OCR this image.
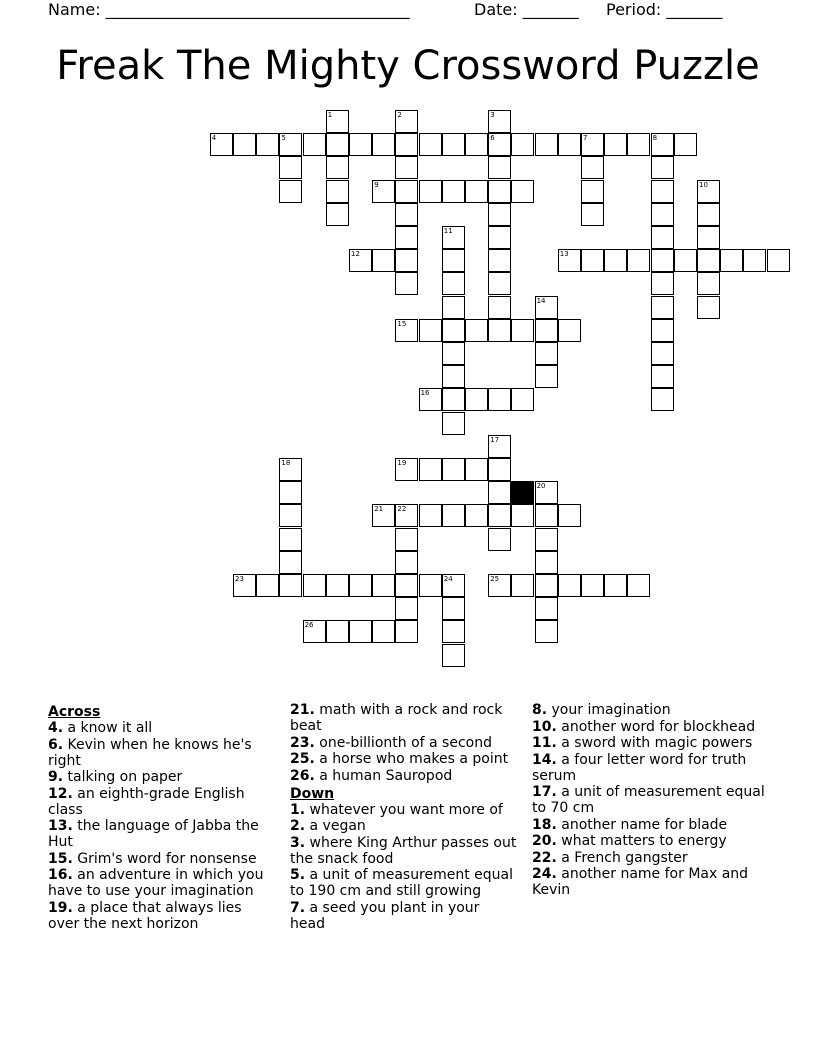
Name: ______________________________________	Date: _______ Period: _______
Freak The Mighty Crossword Puzzle
4	5	6	7	8
9
12	13
15
16
19
21 22
23	25
26
1	2	3
10
11
14
17
18
20
24
Across
4. a know it all
6. Kevin when he knows he's right
9. talking on paper
12. an eighth-grade English class
13. the language of Jabba the Hut
15. Grim's word for nonsense
16. an adventure in which you have to use your imagination
19. a place that always lies over the next horizon
21. math with a rock and rock beat
23. one-billionth of a second
25. a horse who makes a point
26. a human Sauropod
Down
1. whatever you want more of
2. a vegan
3. where King Arthur passes out the snack food
5. a unit of measurement equal to 190 cm and still growing
7. a seed you plant in your head
8. your imagination
10. another word for blockhead
11. a sword with magic powers
14. a four letter word for truth serum
17. a unit of measurement equal to 70 cm
18. another name for blade
20. what matters to energy
22. a French gangster
24. another name for Max and Kevin
